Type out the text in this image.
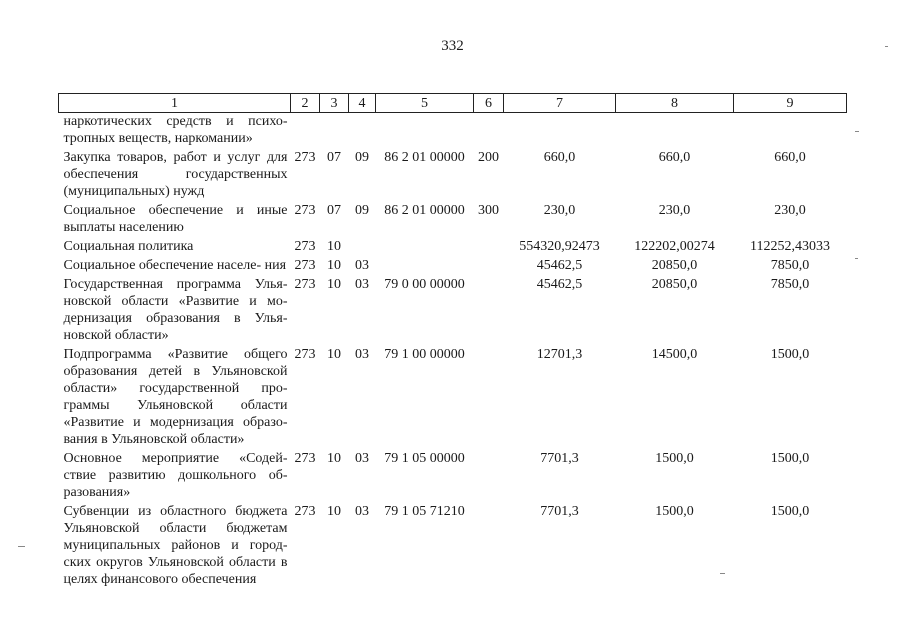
332
1	2	3	4	5	6	7	8	9
наркотических средств и психо- тропных веществ, наркомании»								
Закупка товаров, работ и услуг для обеспечения государственных (муниципальных) нужд	273	07	09	86 2 01 00000	200	660,0	660,0	660,0
Социальное обеспечение и иные выплаты населению	273	07	09	86 2 01 00000	300	230,0	230,0	230,0
Социальная политика	273	10				554320,92473	122202,00274	112252,43033
Социальное обеспечение населе- ния	273	10	03			45462,5	20850,0	7850,0
Государственная программа Улья- новской области «Развитие и мо- дернизация образования в Улья- новской области»	273	10	03	79 0 00 00000		45462,5	20850,0	7850,0
Подпрограмма «Развитие общего образования детей в Ульяновской области» государственной про- граммы Ульяновской области «Развитие и модернизация образо- вания в Ульяновской области»	273	10	03	79 1 00 00000		12701,3	14500,0	1500,0
Основное мероприятие «Содей- ствие развитию дошкольного об- разования»	273	10	03	79 1 05 00000		7701,3	1500,0	1500,0
Субвенции из областного бюджета Ульяновской области бюджетам муниципальных районов и город- ских округов Ульяновской области в целях финансового обеспечения	273	10	03	79 1 05 71210		7701,3	1500,0	1500,0
